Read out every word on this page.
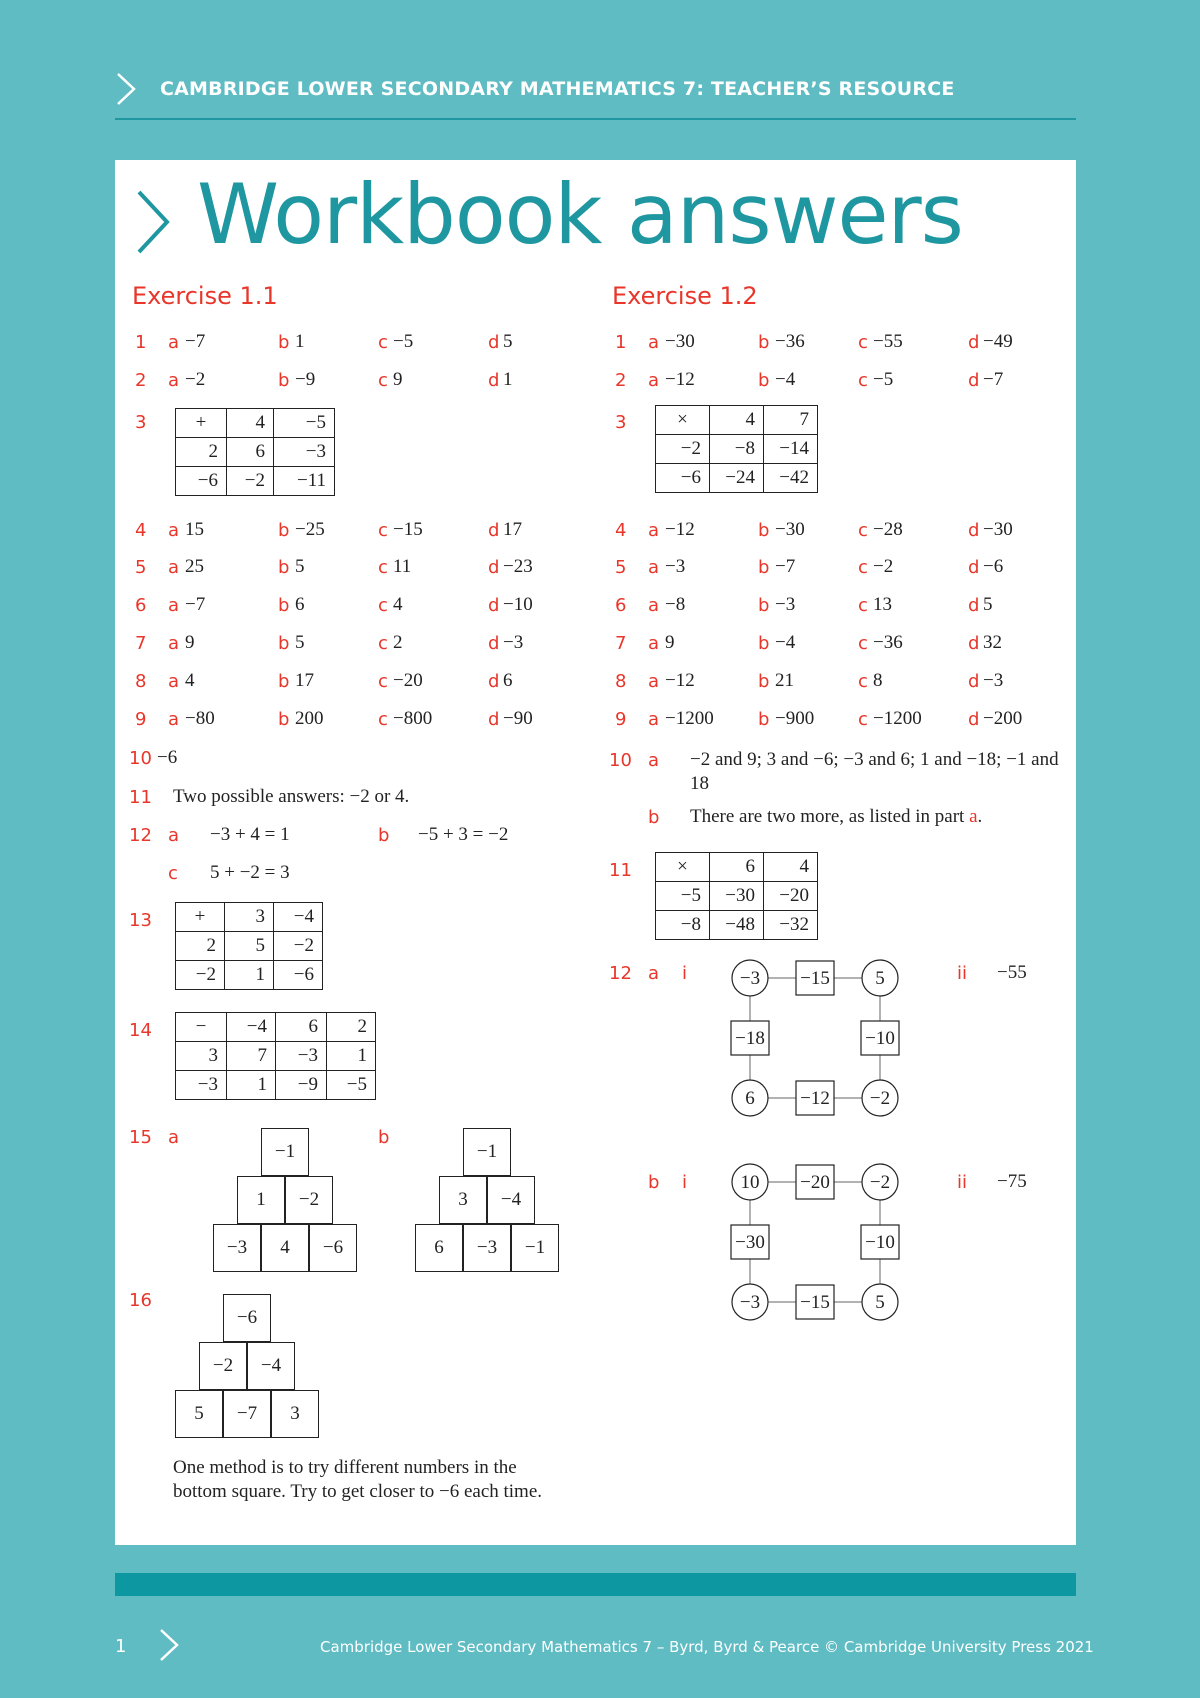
CAMBRIDGE LOWER SECONDARY MATHEMATICS 7: TEACHER’S RESOURCE
Workbook answers
Exercise 1.1
1 a −7	b 1	c −5	d 5
2 a −2	b −9	c 9	d 1
3	+	4	−5
2	6	−3
−6	−2	−11
4 a 15	b −25	c −15	d 17
5 a 25	b 5	c 11	d −23
6 a −7	b 6	c 4	d −10
7 a 9	b 5	c 2	d −3
8 a 4	b 17	c −20	d 6
9 a −80	b 200	c −800	d −90
10 −6
11 Two possible answers: −2 or 4.
12 a −3 + 4 = 1	b −5 + 3 = −2
c 5 + −2 = 3
13 +	3	−4
2	5	−2
−2	1	−6
14 −	−4	6	2
3	7	−3	1
−3	1	−9	−5
15 a
−1
1	−2
−3	4	−6
b
−1
3	−4
6	−3	−1
16
−6
−2	−4
5	−7	3
One method is to try different numbers in the bottom square. Try to get closer to −6 each time.
Exercise 1.2
1 a −30	b −36	c −55	d −49
2 a −12	b −4	c −5	d −7
3	×	4	7
−2	−8	−14
−6	−24	−42
4 a −12	b −30	c −28	d −30
5 a −3	b −7	c −2	d −6
6 a −8	b −3	c 13	d 5
7 a 9	b −4	c −36	d 32
8 a −12	b 21	c 8	d −3
9 a −1200 b −900 c −1200	d −200
10 a −2 and 9; 3 and −6; −3 and 6; 1 and −18; −1 and 18
b There are two more, as listed in part a.
11 ×	6	4
−5	−30	−20
−8	−48	−32
12 a i	−15
−18	−10
−12
−3	5
6	−2
ii −55
b i	−20
−30	−10
−15
10	−2
−3	5
ii −75
1	Cambridge Lower Secondary Mathematics 7 – Byrd, Byrd & Pearce © Cambridge University Press 2021
